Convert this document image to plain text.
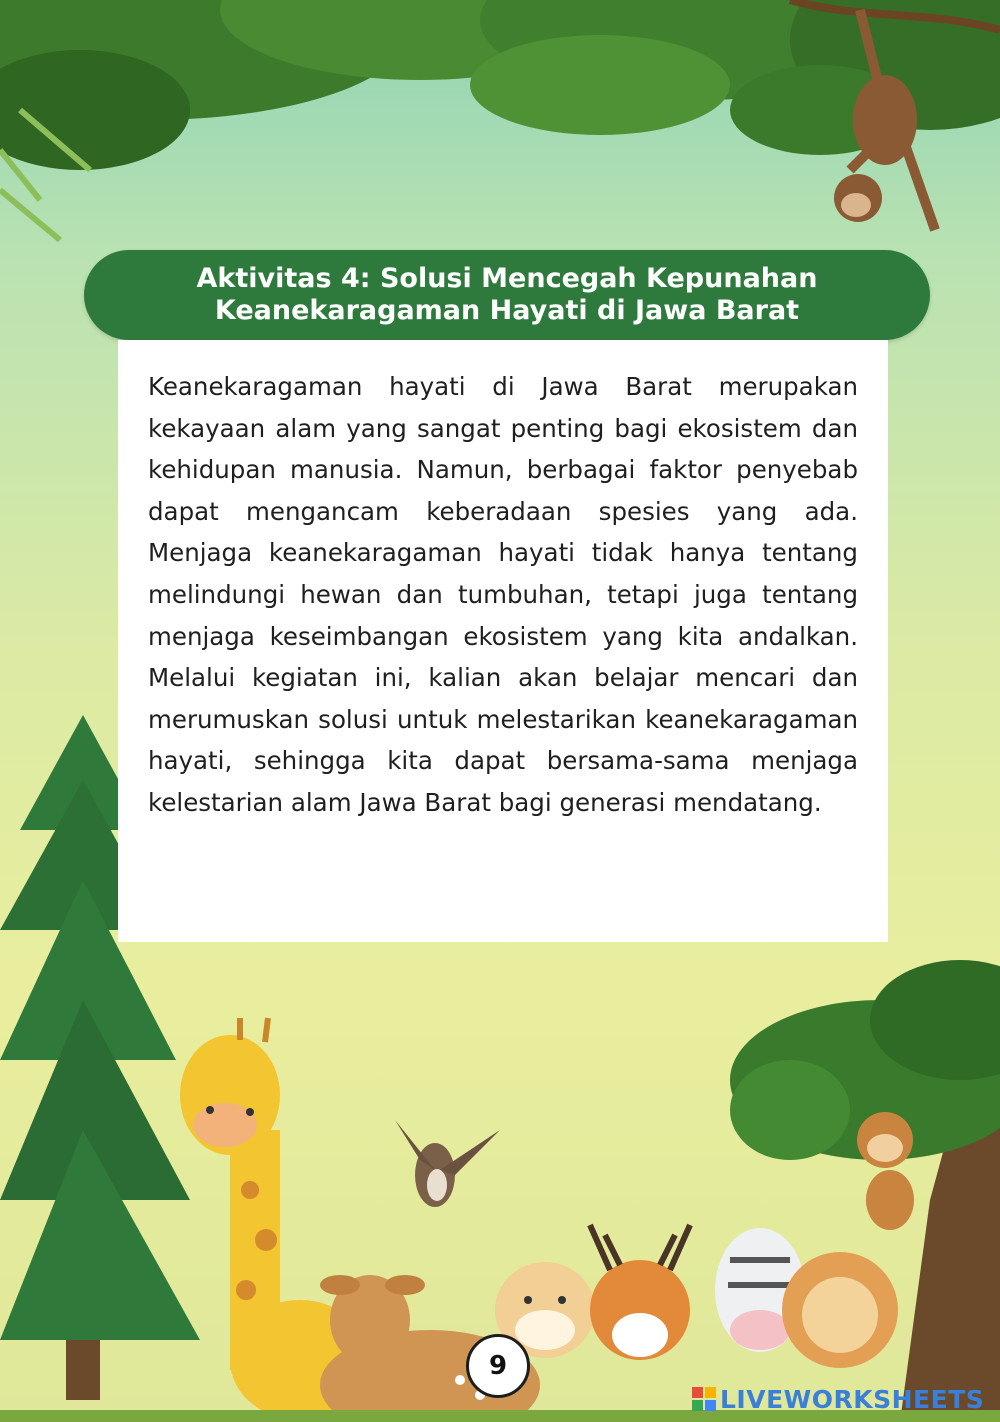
Aktivitas 4: Solusi Mencegah Kepunahan
Keanekaragaman Hayati di Jawa Barat

Keanekaragaman hayati di Jawa Barat merupakan kekayaan alam yang sangat penting bagi ekosistem dan kehidupan manusia. Namun, berbagai faktor penyebab dapat mengancam keberadaan spesies yang ada. Menjaga keanekaragaman hayati tidak hanya tentang melindungi hewan dan tumbuhan, tetapi juga tentang menjaga keseimbangan ekosistem yang kita andalkan. Melalui kegiatan ini, kalian akan belajar mencari dan merumuskan solusi untuk melestarikan keanekaragaman hayati, sehingga kita dapat bersama-sama menjaga kelestarian alam Jawa Barat bagi generasi mendatang.

9
LIVEWORKSHEETS
